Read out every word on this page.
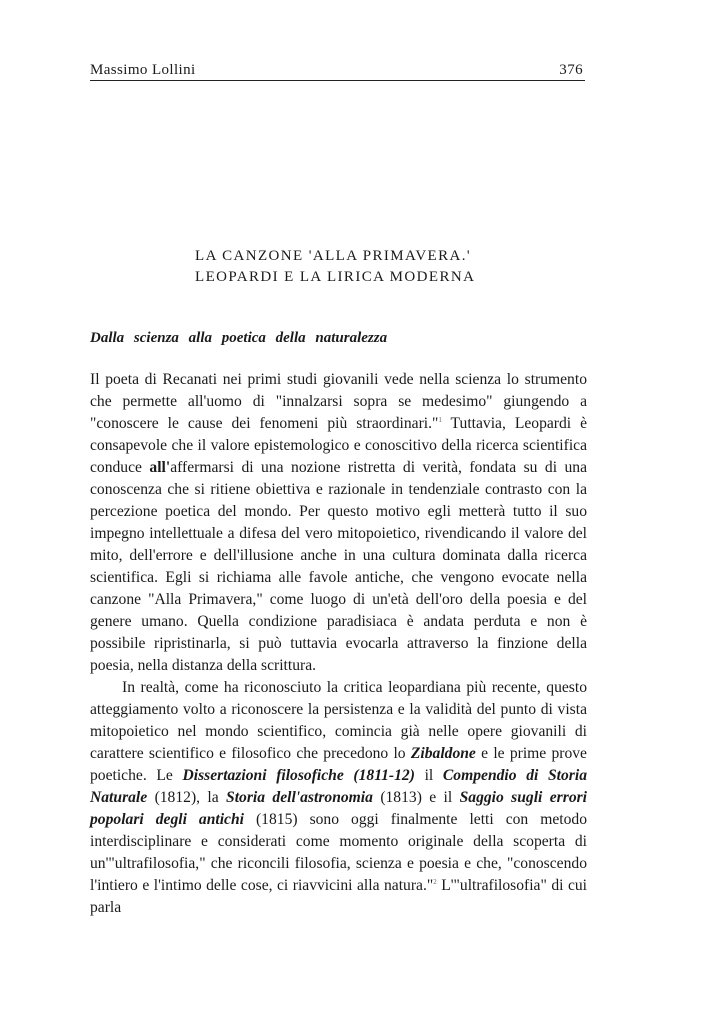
Massimo Lollini	376
LA CANZONE 'ALLA PRIMAVERA.'
LEOPARDI E LA LIRICA MODERNA
Dalla scienza alla poetica della naturalezza

Il poeta di Recanati nei primi studi giovanili vede nella scienza lo strumento che permette all'uomo di "innalzarsi sopra se medesimo" giungendo a "conoscere le cause dei fenomeni più straordinari."$^1$ Tuttavia, Leopardi è consapevole che il valore epistemologico e conoscitivo della ricerca scientifica conduce all'affermarsi di una nozione ristretta di verità, fondata su di una conoscenza che si ritiene obiettiva e razionale in tendenziale contrasto con la percezione poetica del mondo. Per questo motivo egli metterà tutto il suo impegno intellettuale a difesa del vero mitopoietico, rivendicando il valore del mito, dell'errore e dell'illusione anche in una cultura dominata dalla ricerca scientifica. Egli si richiama alle favole antiche, che vengono evocate nella canzone "Alla Primavera," come luogo di un'età dell'oro della poesia e del genere umano. Quella condizione paradisiaca è andata perduta e non è possibile ripristinarla, si può tuttavia evocarla attraverso la finzione della poesia, nella distanza della scrittura.

In realtà, come ha riconosciuto la critica leopardiana più recente, questo atteggiamento volto a riconoscere la persistenza e la validità del punto di vista mitopoietico nel mondo scientifico, comincia già nelle opere giovanili di carattere scientifico e filosofico che precedono lo Zibaldone e le prime prove poetiche. Le Dissertazioni filosofiche (1811-12) il Compendio di Storia Naturale (1812), la Storia dell'astronomia (1813) e il Saggio sugli errori popolari degli antichi (1815) sono oggi finalmente letti con metodo interdisciplinare e considerati come momento originale della scoperta di un'"ultrafilosofia," che riconcili filosofia, scienza e poesia e che, "conoscendo l'intiero e l'intimo delle cose, ci riavvicini alla natura."$^2$ L'"ultrafilosofia" di cui parla
